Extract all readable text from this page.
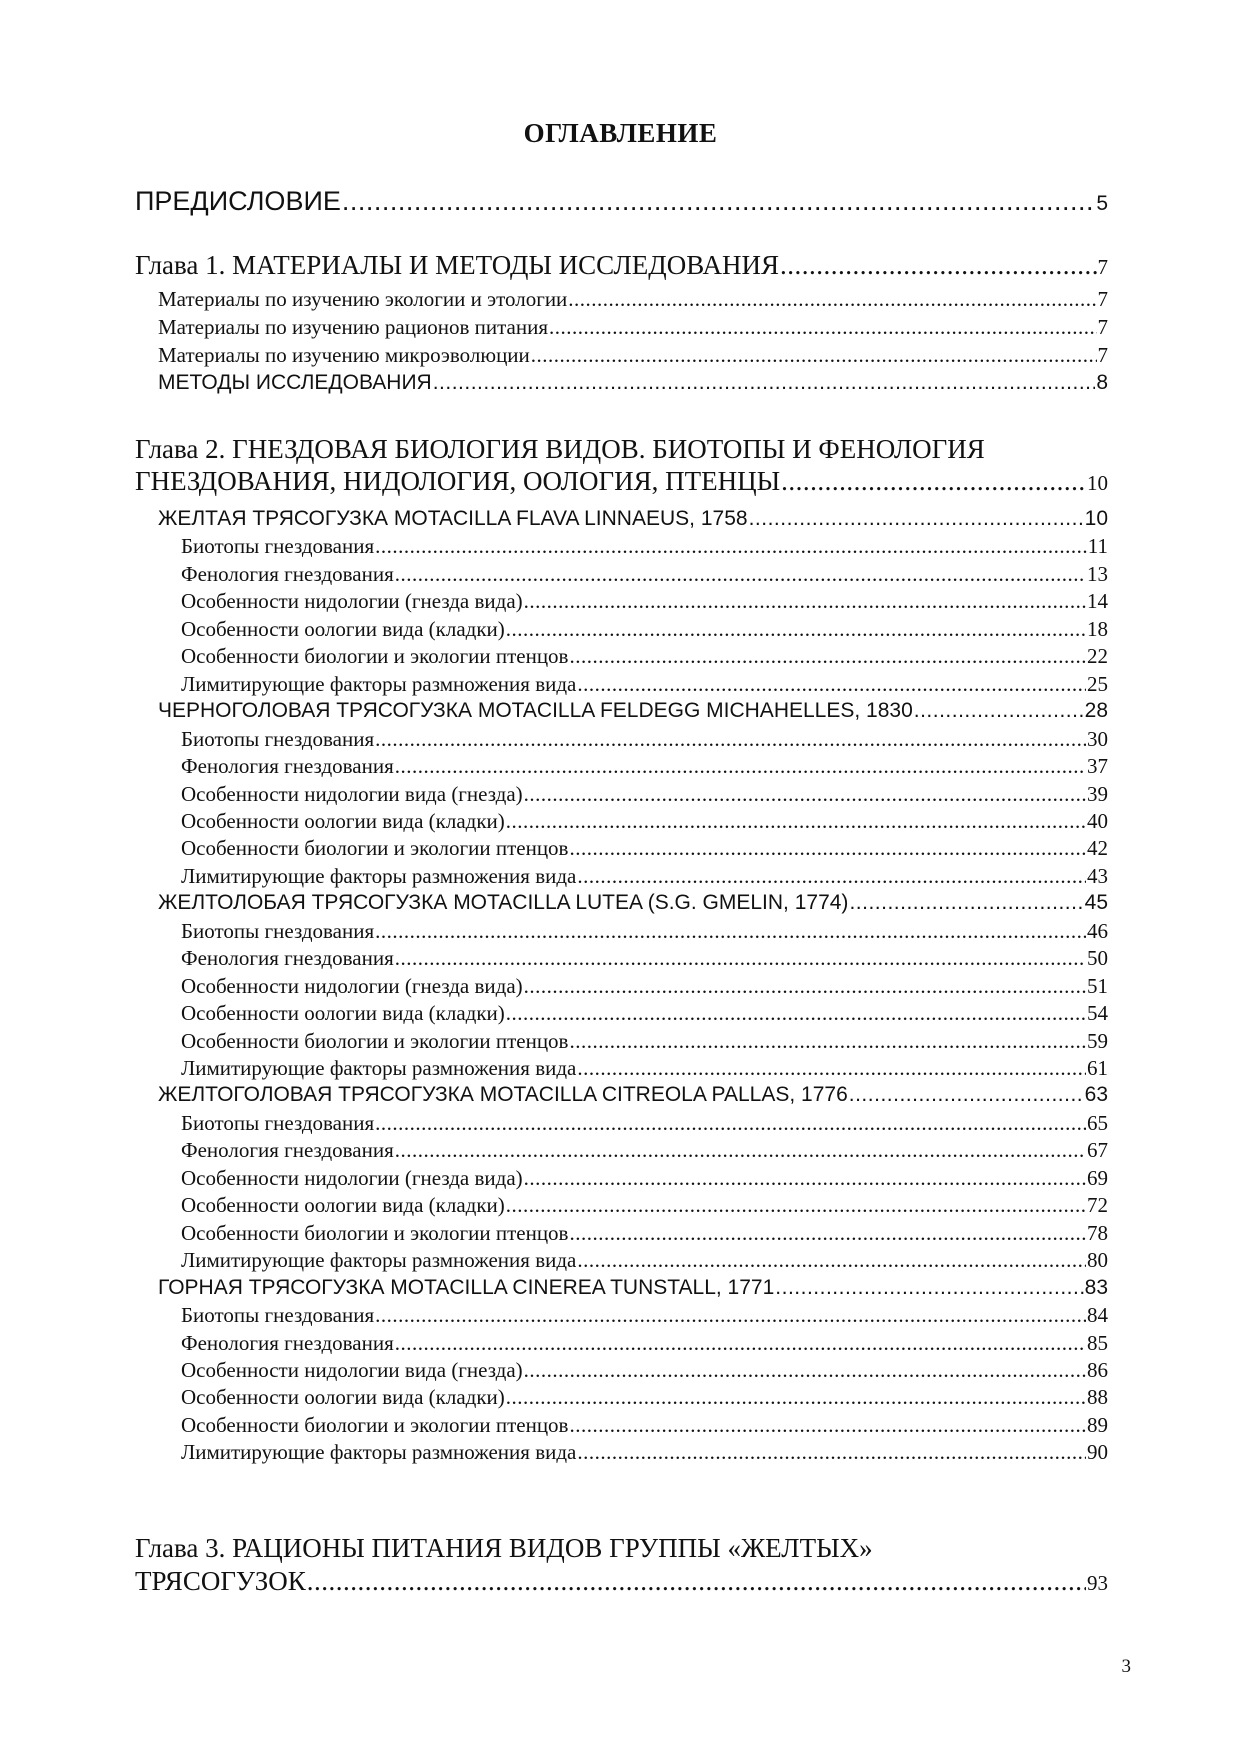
ОГЛАВЛЕНИЕ
ПРЕДИСЛОВИЕ .....	5
Глава 1. МАТЕРИАЛЫ И МЕТОДЫ ИССЛЕДОВАНИЯ .....	7
Материалы по изучению экологии и этологии .....	7
Материалы по изучению рационов питания .....	7
Материалы по изучению микроэволюции .....	7
МЕТОДЫ ИССЛЕДОВАНИЯ .....	8
Глава 2. ГНЕЗДОВАЯ БИОЛОГИЯ ВИДОВ. БИОТОПЫ И ФЕНОЛОГИЯ
ГНЕЗДОВАНИЯ, НИДОЛОГИЯ, ООЛОГИЯ, ПТЕНЦЫ .....	10
ЖЕЛТАЯ ТРЯСОГУЗКА MOTACILLA FLAVA LINNAEUS, 1758 .....	10
Биотопы гнездования .....	11
Фенология гнездования .....	13
Особенности нидологии (гнезда вида) .....	14
Особенности оологии вида (кладки) .....	18
Особенности биологии и экологии птенцов .....	22
Лимитирующие факторы размножения вида .....	25
ЧЕРНОГОЛОВАЯ ТРЯСОГУЗКА MOTACILLA FELDEGG MICHAHELLES, 1830 .....	28
Биотопы гнездования .....	30
Фенология гнездования .....	37
Особенности нидологии вида (гнезда) .....	39
Особенности оологии вида (кладки) .....	40
Особенности биологии и экологии птенцов .....	42
Лимитирующие факторы размножения вида .....	43
ЖЕЛТОЛОБАЯ ТРЯСОГУЗКА MOTACILLA LUTEA (S.G. GMELIN, 1774) .....	45
Биотопы гнездования .....	46
Фенология гнездования .....	50
Особенности нидологии (гнезда вида) .....	51
Особенности оологии вида (кладки) .....	54
Особенности биологии и экологии птенцов .....	59
Лимитирующие факторы размножения вида .....	61
ЖЕЛТОГОЛОВАЯ ТРЯСОГУЗКА MOTACILLA CITREOLA PALLAS, 1776 .....	63
Биотопы гнездования .....	65
Фенология гнездования .....	67
Особенности нидологии (гнезда вида) .....	69
Особенности оологии вида (кладки) .....	72
Особенности биологии и экологии птенцов .....	78
Лимитирующие факторы размножения вида .....	80
ГОРНАЯ ТРЯСОГУЗКА MOTACILLA CINEREA TUNSTALL, 1771 .....	83
Биотопы гнездования .....	84
Фенология гнездования .....	85
Особенности нидологии вида (гнезда) .....	86
Особенности оологии вида (кладки) .....	88
Особенности биологии и экологии птенцов .....	89
Лимитирующие факторы размножения вида .....	90
Глава 3. РАЦИОНЫ ПИТАНИЯ ВИДОВ ГРУППЫ «ЖЕЛТЫХ»
ТРЯСОГУЗОК .....	93
3
